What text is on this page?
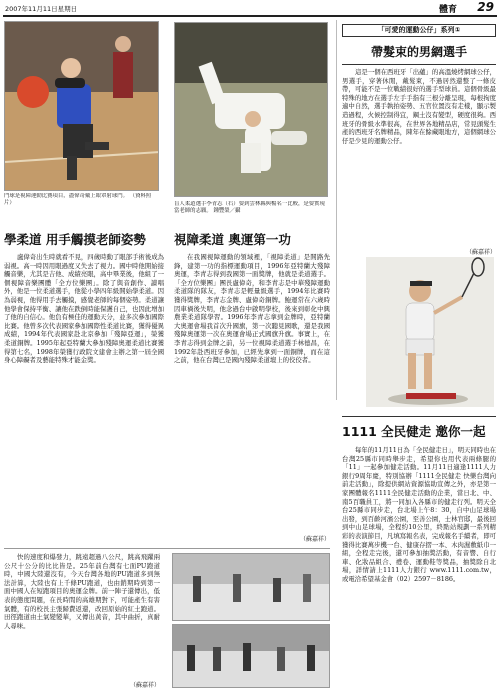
2007年11月11日星期日	體育 29
門球是視障運動比賽項目，盡偉奇戴上眼罩射球門。 （資料照片）	盲人柔道選手李青志（右）要到雲林縣與楊名一比較，是要實現當老師的志願。 鍾豐榮／攝
學柔道 用手觸摸老師姿勢
盧偉奇出生時就看不見，四歲時動了眼部手術後成為弱視。高一時因用眼過度又失去了視力。國中時他開始接觸音樂，尤其是吉他、成績亮眼，高中畢業後，他組了一個視障音樂團體「全方位樂團」。除了與音創作、讀唱外，他是一位柔道選手，他從小學四年級開始學柔道。因為弱視，他得用手去觸摸，感覺老師的每個姿勢。柔道讓他學會保持平衡、讓他在跌倒時能保護自己，也因此增加了他的自信心。他負有極佳的運動天分，並多次參加國際比賽。他曾多次代表國家參加國際性柔道比賽，獲得優異成績，1994年代表國家赴北京參加「殘障亞運」，榮獲柔道銅牌。1995年起亞特蘭大參加殘障奧運柔道比賽獲得第七名，1998年榮獲行政院文建會主辦之第一屆全國身心障礙者及藝能特殊才能金獎。
視障柔道 奧運第一功
在我國視障運動的領域裡，「視障柔道」是開路先鋒，建第一功的指標運動項目，1996年亞特蘭大殘障奧運，李青志得到我國第一面獎牌，他就是柔道選手。「全方位樂團」團長盧偉奇，和李青志是中華殘障運動柔道隊的隊友，李青志是輕量級選手，1994年比賽時獲得獎牌，李青志金牌、盧偉奇銅牌。鮑運常在六歲時因車禍後失明，他念過台中啟明學校，後來到彰化中興農業柔道隊學習。1996年李青志拿到金牌時，亞特蘭大奧運會場我首次升國旗，第一次聽見國歌，還是我國殘障奧運第一次在奧運會場正式國旗升旗。事實上，在李青志得到金牌之前，另一位視障柔道選手林德昌，在1992年赴西班牙參加，已經先拿到一面銅牌，而在這之前，他在台灣已是國內殘障柔道壇上的佼佼者。
（蘇嘉祥）
快的速度和爆發力，跳遠超過八公尺，跳高飛躍兩公尺十公分的比比皆是。25年前台灣有七面PU跑道時，中國大陸還沒有，今天台灣各地的PU跑道多到無法計算，大陸也有上千條PU跑道，也由銷期時到第一面中國人在短跑項目的奧運金牌。前一陣子還傳出，低表的態度問題，在長時間的高雄期對下，可能產生有害氣體，有的校長主張歸費返還，改回原始的紅土跑道。田徑跑道由土氣變變華，又傳出黃音，其中曲折，真耐人尋味。
（蘇嘉祥）
「可愛的運動公仔」系列①
帶髮束的男網選手
這是一個在西班牙「出蘊」的高溫燒烤網球公仔，男選手，穿著休閒，戴髮束，不過居然還整了一條皮帶，可能不是一位戰績很好的選手型球員。這個骨級最特殊的地方在選手左手手指有三根分離呈現，每根拘度適中自然，選手執拍姿勢、五官位置沒有走樣，顯示製造過程，火候控制得宜，鋼土沒有變型，硬度很夠。西班牙的骨級水準很高，在世界各地精品店，常見頭髮生產的西班牙名牌精品，陳年在餘藏眼地方，這個網球公仔是少見的運動公仔。
（蘇嘉祥）
1111 全民健走 邀你一起
每年的11月11日為「全民健走日」，明天同時也在台灣25縣市同時舉步走，希望你也用代表兩條腿的「11」一起參加健走活動。11月11日適逢1111人力銀行9周年慶，特別協辦「1111全民健走 快樂台灣向前走活動」，除提供網站資源協助宣傳之外，亦是第一家團體報名1111全民健走活動的企業，當日北、中、南5百職員工，將一同加入各縣市的健走行列。明天全台25縣市同步走，台北場上午8：30，自中山足球場出發，到百齡河濱公園，至善公園，士林官邸，最後回到中山足球場，全程約10公里，終點站規劃一系列精彩的表演節目，凡填寫報名表，完成報名手續者，即可獲得比賽萬步機一台、健康存摺一本、木肉濕敷紙巾一組，全程走完後，還可參加抽獎活動，有音響、自行車、化妝品組合、禮卷、運動鞋等獎品，抽獎除自北場，詳情請上1111人力銀行 www.1111.com.tw，或電洽希望基金會（02）2597－8186。
